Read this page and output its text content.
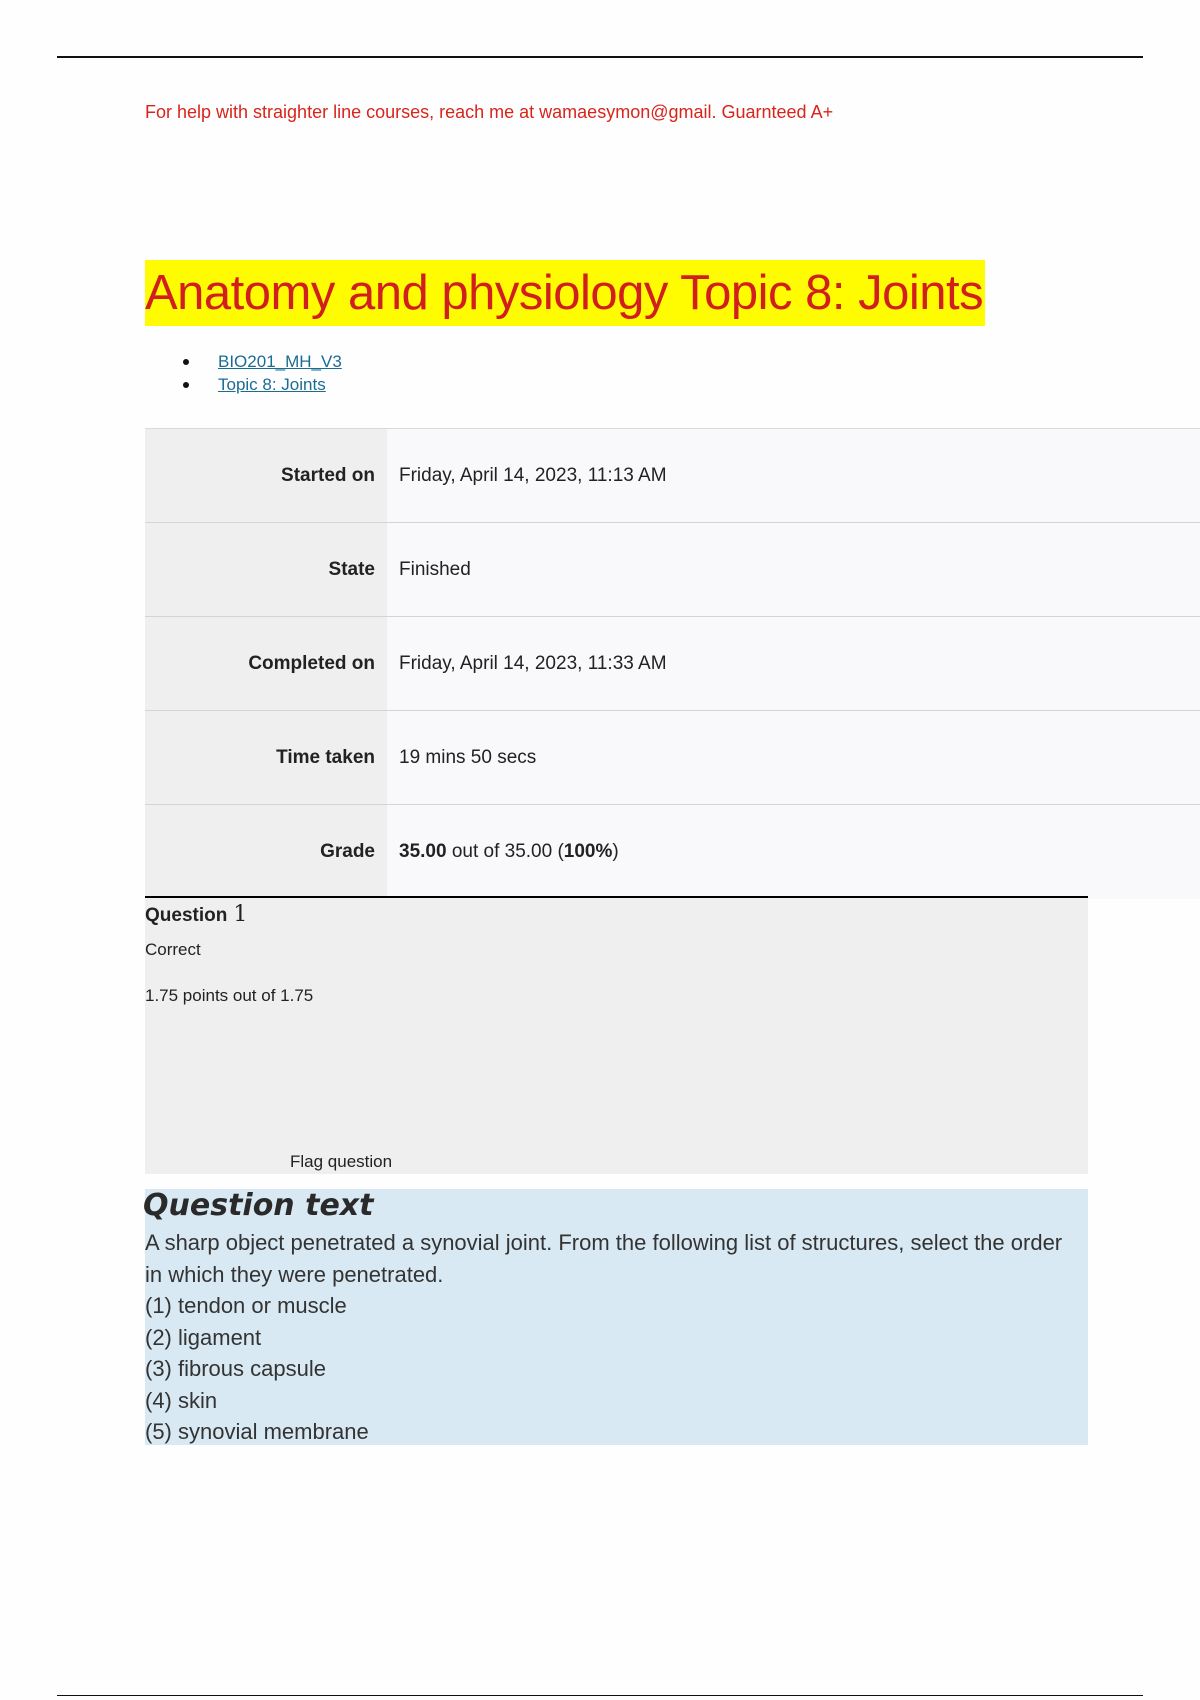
For help with straighter line courses, reach me at wamaesymon@gmail. Guarnteed A+
Anatomy and physiology Topic 8: Joints
BIO201_MH_V3
Topic 8: Joints
Started on	Friday, April 14, 2023, 11:13 AM
State	Finished
Completed on	Friday, April 14, 2023, 11:33 AM
Time taken	19 mins 50 secs
Grade	35.00 out of 35.00 (100%)
Question 1
Correct
1.75 points out of 1.75
Flag question
Question text
A sharp object penetrated a synovial joint. From the following list of structures, select the order in which they were penetrated.
(1) tendon or muscle
(2) ligament
(3) fibrous capsule
(4) skin
(5) synovial membrane
